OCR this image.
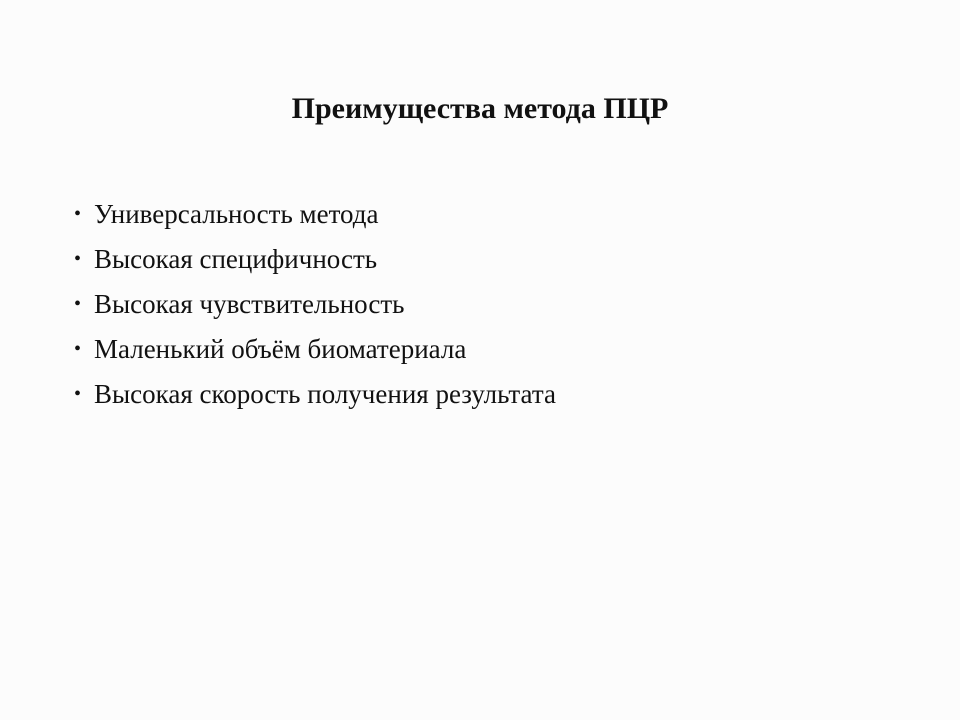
Преимущества метода ПЦР
• Универсальность метода
• Высокая специфичность
• Высокая чувствительность
• Маленький объём биоматериала
• Высокая скорость получения результата
